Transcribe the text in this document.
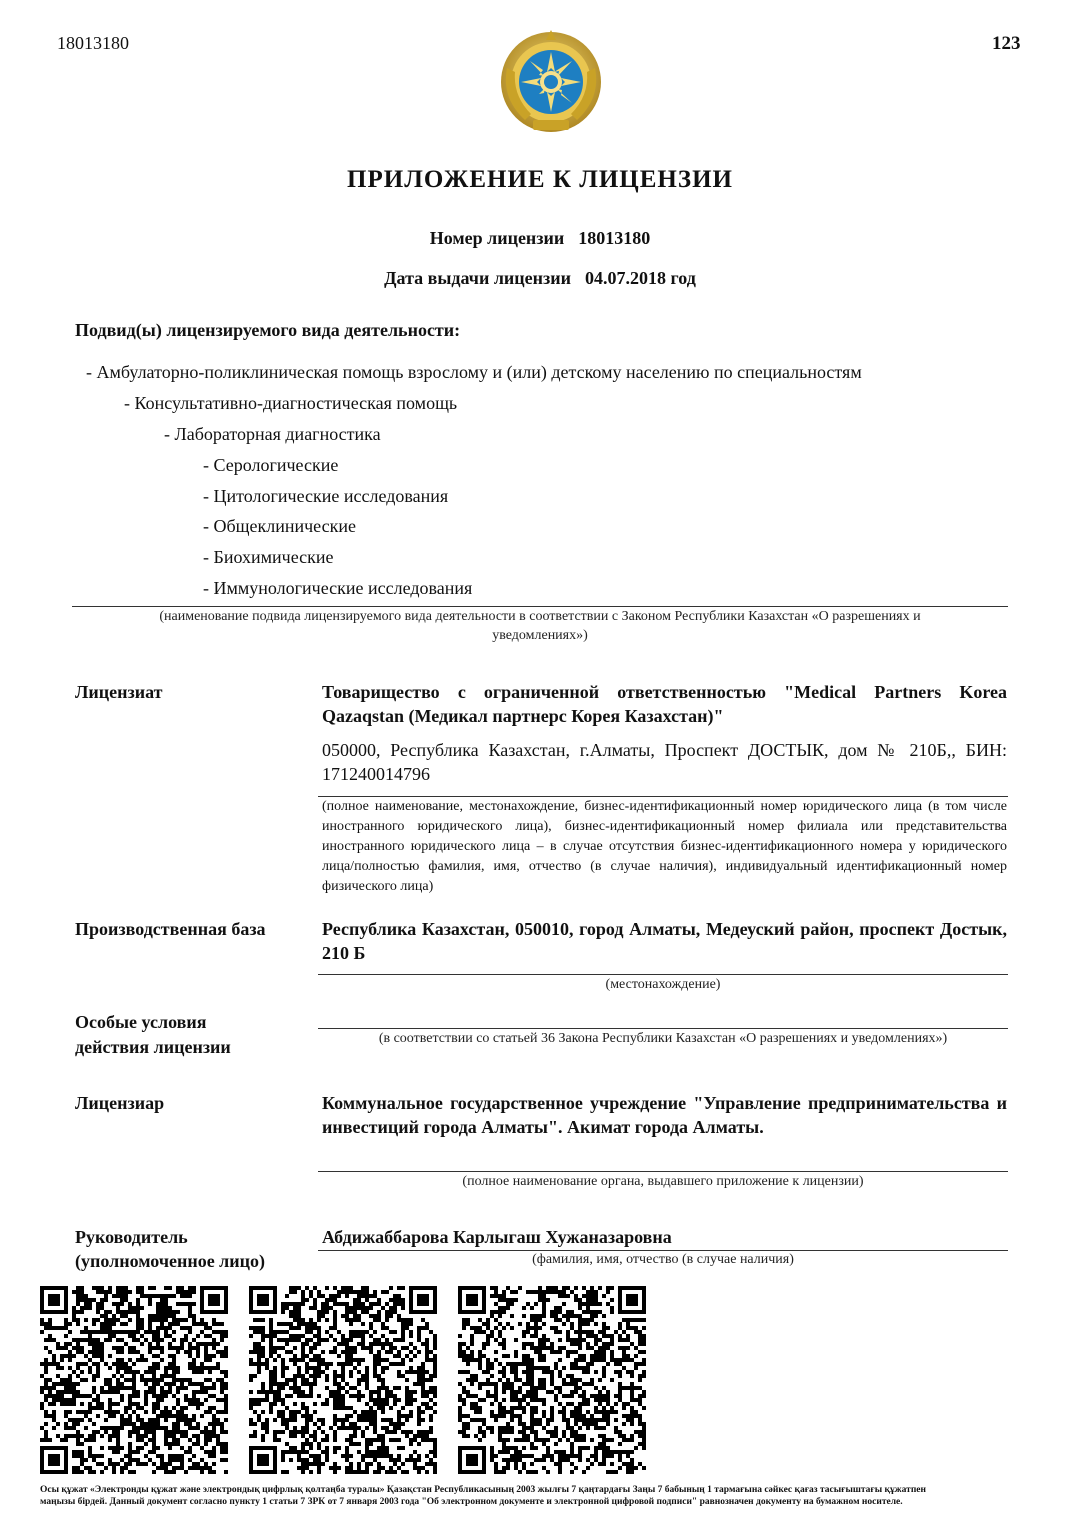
18013180	123
ПРИЛОЖЕНИЕ К ЛИЦЕНЗИИ
Номер лицензии 18013180
Дата выдачи лицензии 04.07.2018 год
Подвид(ы) лицензируемого вида деятельности:
- Амбулаторно-поликлиническая помощь взрослому и (или) детскому населению по специальностям
- Консультативно-диагностическая помощь
- Лабораторная диагностика
- Серологические
- Цитологические исследования
- Общеклинические
- Биохимические
- Иммунологические исследования
(наименование подвида лицензируемого вида деятельности в соответствии с Законом Республики Казахстан «О разрешениях и
уведомлениях»)
Лицензиат	Товарищество с ограниченной ответственностью "Medical Partners Korea Qazaqstan (Медикал партнерс Корея Казахстан)"
050000, Республика Казахстан, г.Алматы, Проспект ДОСТЫК, дом № 210Б,, БИН: 171240014796
(полное наименование, местонахождение, бизнес-идентификационный номер юридического лица (в том числе иностранного юридического лица), бизнес-идентификационный номер филиала или представительства иностранного юридического лица – в случае отсутствия бизнес-идентификационного номера у юридического лица/полностью фамилия, имя, отчество (в случае наличия), индивидуальный идентификационный номер физического лица)
Производственная база	Республика Казахстан, 050010, город Алматы, Медеуский район, проспект Достык, 210 Б
(местонахождение)
Особые условия
действия лицензии	(в соответствии со статьей 36 Закона Республики Казахстан «О разрешениях и уведомлениях»)
Лицензиар	Коммунальное государственное учреждение "Управление предпринимательства и инвестиций города Алматы". Акимат города Алматы.
(полное наименование органа, выдавшего приложение к лицензии)
Руководитель
(уполномоченное лицо)
Абдижаббарова Карлыгаш Хужаназаровна
(фамилия, имя, отчество (в случае наличия)
Осы құжат «Электронды құжат және электрондық цифрлық қолтаңба туралы» Қазақстан Республикасының 2003 жылғы 7 қаңтардағы Заңы 7 бабының 1 тармағына сәйкес қағаз тасығыштағы құжатпен
маңызы бірдей. Данный документ согласно пункту 1 статьи 7 ЗРК от 7 января 2003 года "Об электронном документе и электронной цифровой подписи" равнозначен документу на бумажном носителе.
